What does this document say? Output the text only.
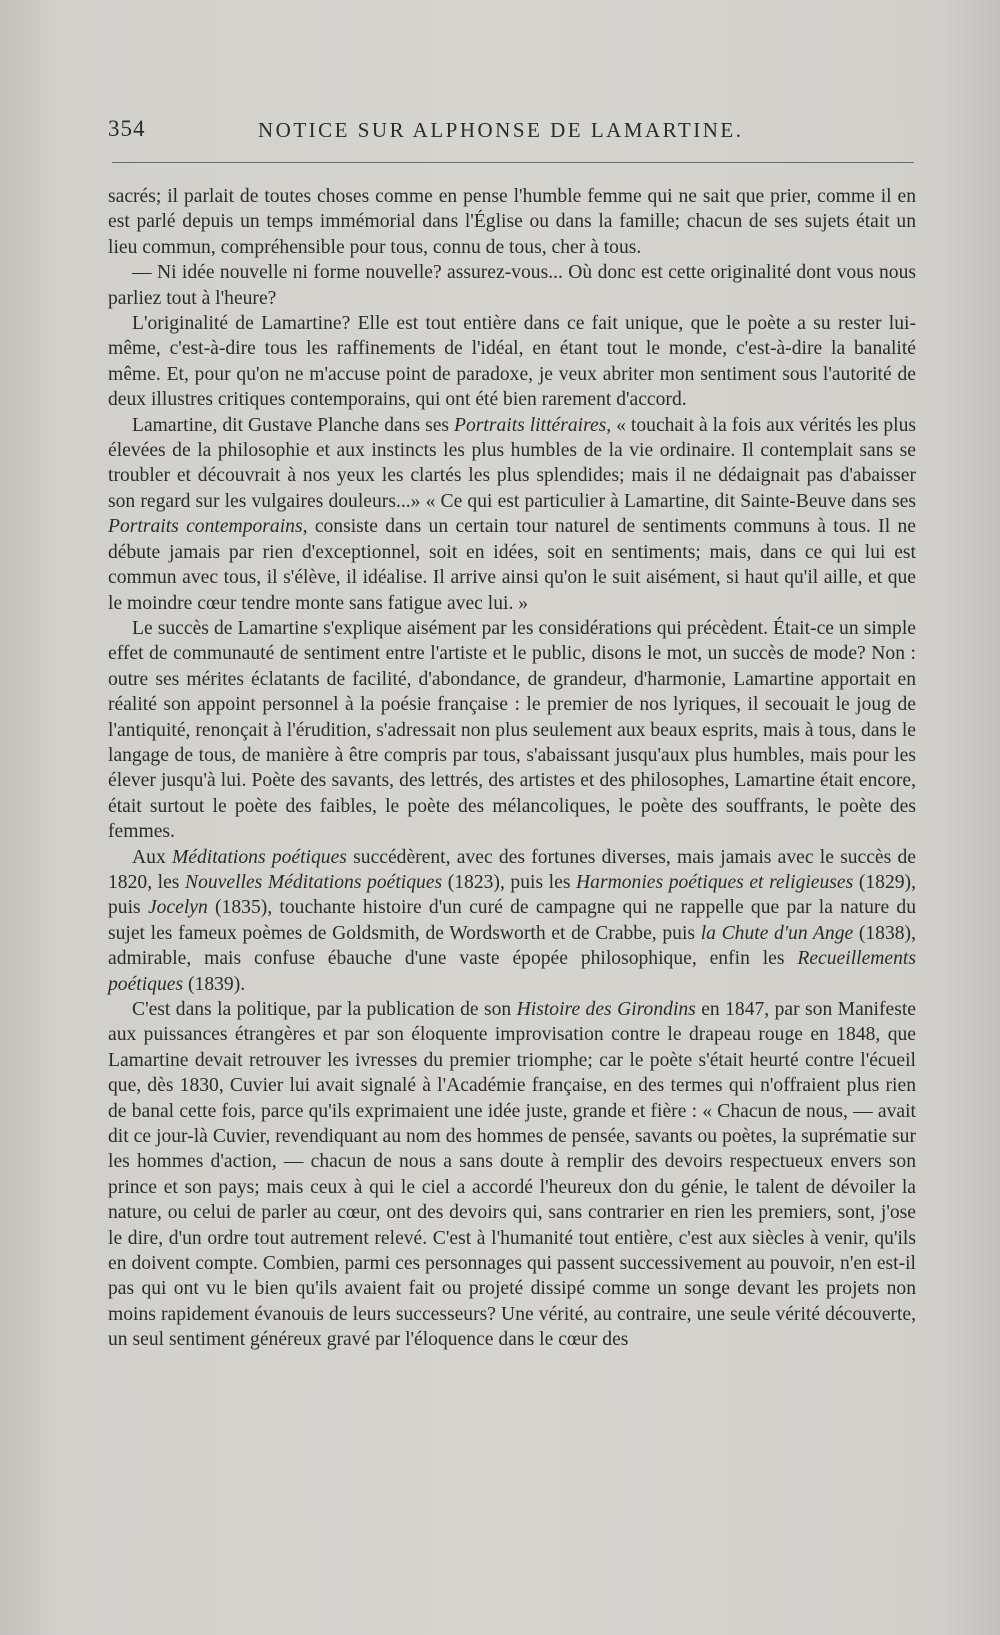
354	NOTICE SUR ALPHONSE DE LAMARTINE.

sacrés; il parlait de toutes choses comme en pense l'humble femme qui ne sait que prier, comme il en est parlé depuis un temps immémorial dans l'Église ou dans la famille; chacun de ses sujets était un lieu commun, compréhensible pour tous, connu de tous, cher à tous.

— Ni idée nouvelle ni forme nouvelle? assurez-vous... Où donc est cette originalité dont vous nous parliez tout à l'heure?

L'originalité de Lamartine? Elle est tout entière dans ce fait unique, que le poète a su rester lui-même, c'est-à-dire tous les raffinements de l'idéal, en étant tout le monde, c'est-à-dire la banalité même. Et, pour qu'on ne m'accuse point de paradoxe, je veux abriter mon sentiment sous l'autorité de deux illustres critiques contemporains, qui ont été bien rarement d'accord.

Lamartine, dit Gustave Planche dans ses Portraits littéraires, « touchait à la fois aux vérités les plus élevées de la philosophie et aux instincts les plus humbles de la vie ordinaire. Il contemplait sans se troubler et découvrait à nos yeux les clartés les plus splendides; mais il ne dédaignait pas d'abaisser son regard sur les vulgaires douleurs...» « Ce qui est particulier à Lamartine, dit Sainte-Beuve dans ses Portraits contemporains, consiste dans un certain tour naturel de sentiments communs à tous. Il ne débute jamais par rien d'exceptionnel, soit en idées, soit en sentiments; mais, dans ce qui lui est commun avec tous, il s'élève, il idéalise. Il arrive ainsi qu'on le suit aisément, si haut qu'il aille, et que le moindre cœur tendre monte sans fatigue avec lui. »

Le succès de Lamartine s'explique aisément par les considérations qui précèdent. Était-ce un simple effet de communauté de sentiment entre l'artiste et le public, disons le mot, un succès de mode? Non : outre ses mérites éclatants de facilité, d'abondance, de grandeur, d'harmonie, Lamartine apportait en réalité son appoint personnel à la poésie française : le premier de nos lyriques, il secouait le joug de l'antiquité, renonçait à l'érudition, s'adressait non plus seulement aux beaux esprits, mais à tous, dans le langage de tous, de manière à être compris par tous, s'abaissant jusqu'aux plus humbles, mais pour les élever jusqu'à lui. Poète des savants, des lettrés, des artistes et des philosophes, Lamartine était encore, était surtout le poète des faibles, le poète des mélancoliques, le poète des souffrants, le poète des femmes.

Aux Méditations poétiques succédèrent, avec des fortunes diverses, mais jamais avec le succès de 1820, les Nouvelles Méditations poétiques (1823), puis les Harmonies poétiques et religieuses (1829), puis Jocelyn (1835), touchante histoire d'un curé de campagne qui ne rappelle que par la nature du sujet les fameux poèmes de Goldsmith, de Wordsworth et de Crabbe, puis la Chute d'un Ange (1838), admirable, mais confuse ébauche d'une vaste épopée philosophique, enfin les Recueillements poétiques (1839).

C'est dans la politique, par la publication de son Histoire des Girondins en 1847, par son Manifeste aux puissances étrangères et par son éloquente improvisation contre le drapeau rouge en 1848, que Lamartine devait retrouver les ivresses du premier triomphe; car le poète s'était heurté contre l'écueil que, dès 1830, Cuvier lui avait signalé à l'Académie française, en des termes qui n'offraient plus rien de banal cette fois, parce qu'ils exprimaient une idée juste, grande et fière : « Chacun de nous, — avait dit ce jour-là Cuvier, revendiquant au nom des hommes de pensée, savants ou poètes, la suprématie sur les hommes d'action, — chacun de nous a sans doute à remplir des devoirs respectueux envers son prince et son pays; mais ceux à qui le ciel a accordé l'heureux don du génie, le talent de dévoiler la nature, ou celui de parler au cœur, ont des devoirs qui, sans contrarier en rien les premiers, sont, j'ose le dire, d'un ordre tout autrement relevé. C'est à l'humanité tout entière, c'est aux siècles à venir, qu'ils en doivent compte. Combien, parmi ces personnages qui passent successivement au pouvoir, n'en est-il pas qui ont vu le bien qu'ils avaient fait ou projeté dissipé comme un songe devant les projets non moins rapidement évanouis de leurs successeurs? Une vérité, au contraire, une seule vérité découverte, un seul sentiment généreux gravé par l'éloquence dans le cœur des
